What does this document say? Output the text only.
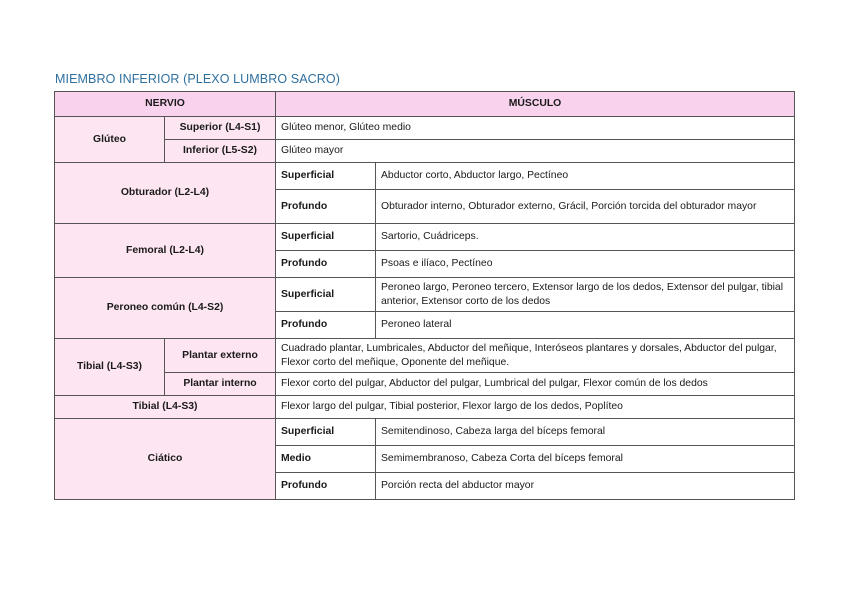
MIEMBRO INFERIOR (PLEXO LUMBRO SACRO)
NERVIO		MÚSCULO	
Glúteo	Superior (L4-S1)	Glúteo menor, Glúteo medio	
	Inferior (L5-S2)	Glúteo mayor	
Obturador (L2-L4)		Superficial	Abductor corto, Abductor largo, Pectíneo
		Profundo	Obturador interno, Obturador externo, Grácil, Porción torcida del obturador mayor
Femoral (L2-L4)		Superficial	Sartorio, Cuádriceps.
		Profundo	Psoas e ilíaco, Pectíneo
Peroneo común (L4-S2)		Superficial	Peroneo largo, Peroneo tercero, Extensor largo de los dedos, Extensor del pulgar, tibial anterior, Extensor corto de los dedos
		Profundo	Peroneo lateral
Tibial (L4-S3)	Plantar externo	Cuadrado plantar, Lumbricales, Abductor del meñique, Interóseos plantares y dorsales, Abductor del pulgar, Flexor corto del meñique, Oponente del meñique.	
	Plantar interno	Flexor corto del pulgar, Abductor del pulgar, Lumbrical del pulgar, Flexor común de los dedos	
Tibial (L4-S3)		Flexor largo del pulgar, Tibial posterior, Flexor largo de los dedos, Poplíteo	
Ciático		Superficial	Semitendinoso, Cabeza larga del bíceps femoral
		Medio	Semimembranoso, Cabeza Corta del bíceps femoral
		Profundo	Porción recta del abductor mayor
